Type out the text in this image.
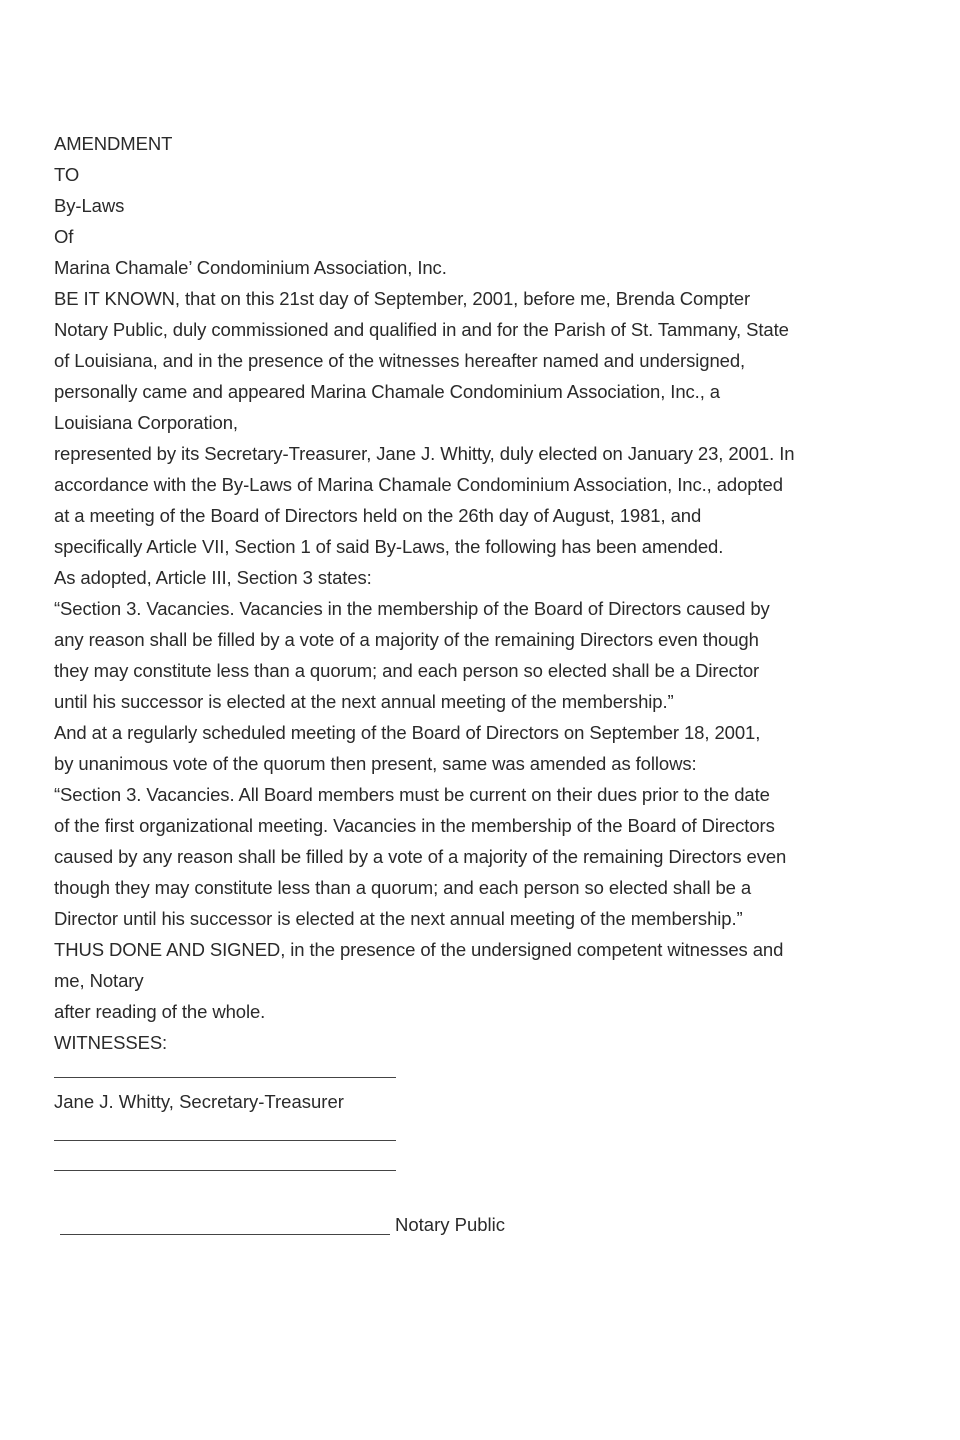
AMENDMENT
TO
By-Laws
Of
Marina Chamale’ Condominium Association, Inc.
BE IT KNOWN, that on this 21st day of September, 2001, before me, Brenda Compter
Notary Public, duly commissioned and qualified in and for the Parish of St. Tammany, State
of Louisiana, and in the presence of the witnesses hereafter named and undersigned,
personally came and appeared Marina Chamale Condominium Association, Inc., a
Louisiana Corporation,
represented by its Secretary-Treasurer, Jane J. Whitty, duly elected on January 23, 2001. In
accordance with the By-Laws of Marina Chamale Condominium Association, Inc., adopted
at a meeting of the Board of Directors held on the 26th day of August, 1981, and
specifically Article VII, Section 1 of said By-Laws, the following has been amended.
As adopted, Article III, Section 3 states:
“Section 3. Vacancies. Vacancies in the membership of the Board of Directors caused by
any reason shall be filled by a vote of a majority of the remaining Directors even though
they may constitute less than a quorum; and each person so elected shall be a Director
until his successor is elected at the next annual meeting of the membership.”
And at a regularly scheduled meeting of the Board of Directors on September 18, 2001,
by unanimous vote of the quorum then present, same was amended as follows:
“Section 3. Vacancies. All Board members must be current on their dues prior to the date
of the first organizational meeting. Vacancies in the membership of the Board of Directors
caused by any reason shall be filled by a vote of a majority of the remaining Directors even
though they may constitute less than a quorum; and each person so elected shall be a
Director until his successor is elected at the next annual meeting of the membership.”
THUS DONE AND SIGNED, in the presence of the undersigned competent witnesses and
me, Notary
after reading of the whole.
WITNESSES:
Jane J. Whitty, Secretary-Treasurer
Notary Public
